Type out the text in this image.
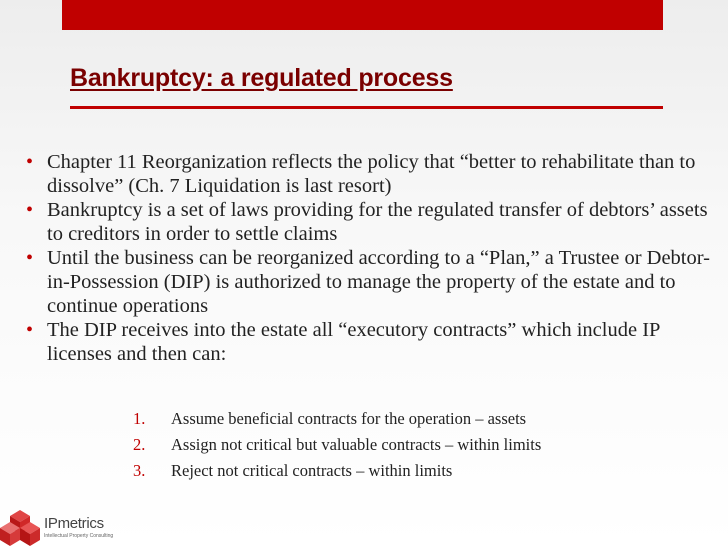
Bankruptcy: a regulated process
• Chapter 11 Reorganization reflects the policy that “better to rehabilitate than to dissolve” (Ch. 7 Liquidation is last resort)
• Bankruptcy is a set of laws providing for the regulated transfer of debtors’ assets to creditors in order to settle claims
• Until the business can be reorganized according to a “Plan,” a Trustee or Debtor-in-Possession (DIP) is authorized to manage the property of the estate and to continue operations
• The DIP receives into the estate all “executory contracts” which include IP licenses and then can:
1.	Assume beneficial contracts for the operation – assets
2.	Assign not critical but valuable contracts – within limits
3.	Reject not critical contracts – within limits
IPmetrics
Intellectual Property Consulting
